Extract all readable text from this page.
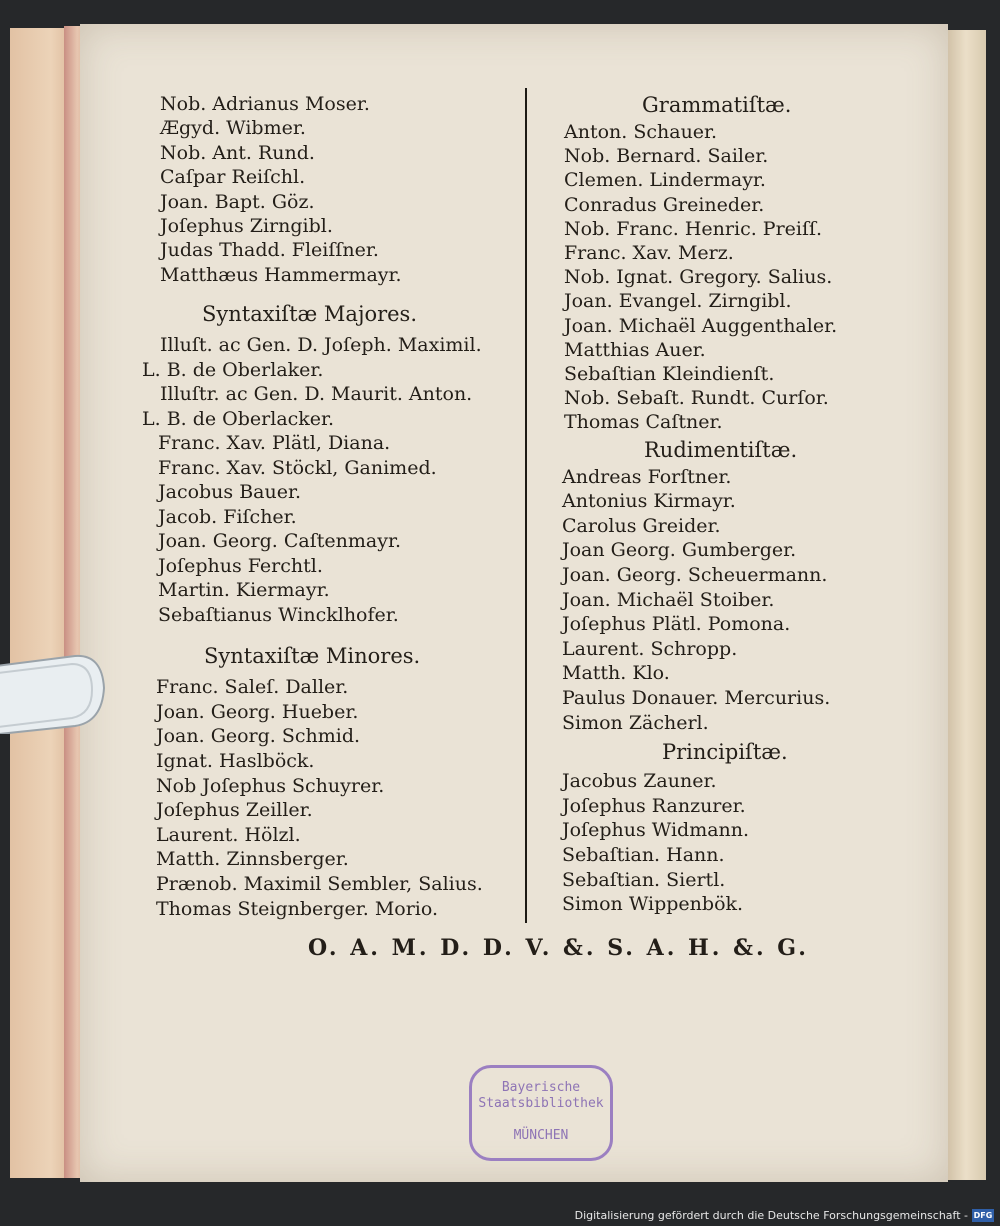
Nob. Adrianus Moser.
Ægyd. Wibmer.
Nob. Ant. Rund.
Caſpar Reiſchl.
Joan. Bapt. Göz.
Joſephus Zirngibl.
Judas Thadd. Fleiſſner.
Matthæus Hammermayr.
Syntaxiſtæ Majores.
Illuſt. ac Gen. D. Joſeph. Maximil.
L. B. de Oberlaker.
Illuſtr. ac Gen. D. Maurit. Anton.
L. B. de Oberlacker.
Franc. Xav. Plätl, Diana.
Franc. Xav. Stöckl, Ganimed.
Jacobus Bauer.
Jacob. Fiſcher.
Joan. Georg. Caſtenmayr.
Joſephus Ferchtl.
Martin. Kiermayr.
Sebaſtianus Wincklhofer.
Syntaxiſtæ Minores.
Franc. Saleſ. Daller.
Joan. Georg. Hueber.
Joan. Georg. Schmid.
Ignat. Haslböck.
Nob Joſephus Schuyrer.
Joſephus Zeiller.
Laurent. Hölzl.
Matth. Zinnsberger.
Prænob. Maximil Sembler, Salius.
Thomas Steignberger. Morio.
Grammatiſtæ.
Anton. Schauer.
Nob. Bernard. Sailer.
Clemen. Lindermayr.
Conradus Greineder.
Nob. Franc. Henric. Preiſſ.
Franc. Xav. Merz.
Nob. Ignat. Gregory. Salius.
Joan. Evangel. Zirngibl.
Joan. Michaël Auggenthaler.
Matthias Auer.
Sebaſtian Kleindienſt.
Nob. Sebaſt. Rundt. Curſor.
Thomas Caſtner.
Rudimentiſtæ.
Andreas Forſtner.
Antonius Kirmayr.
Carolus Greider.
Joan Georg. Gumberger.
Joan. Georg. Scheuermann.
Joan. Michaël Stoiber.
Joſephus Plätl. Pomona.
Laurent. Schropp.
Matth. Klo.
Paulus Donauer. Mercurius.
Simon Zächerl.
Principiſtæ.
Jacobus Zauner.
Joſephus Ranzurer.
Joſephus Widmann.
Sebaſtian. Hann.
Sebaſtian. Siertl.
Simon Wippenbök.
O. A. M. D. D. V. &. S. A. H. &. G.
Bayerische
Staatsbibliothek
MÜNCHEN
Digitalisierung gefördert durch die Deutsche Forschungsgemeinschaft - DFG
